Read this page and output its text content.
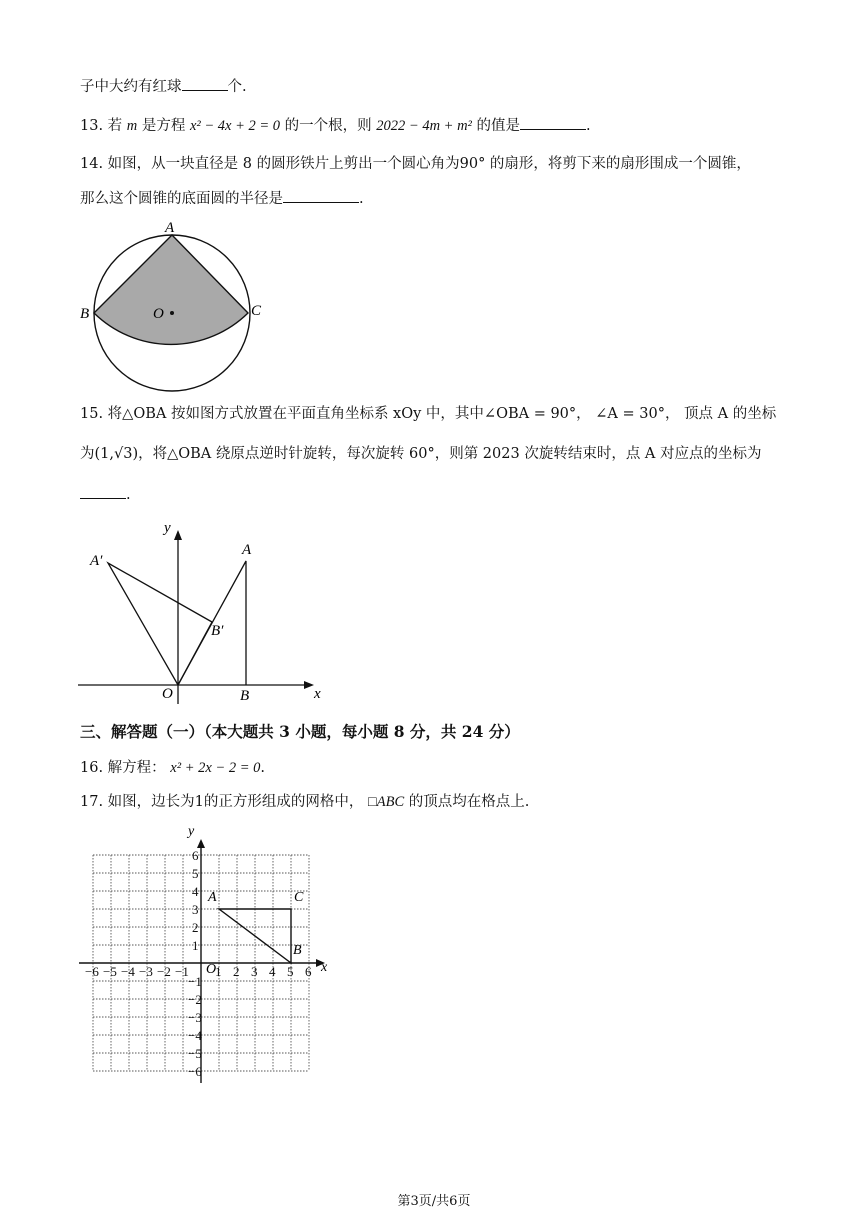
子中大约有红球	个.
13. 若 m 是方程 x² − 4x + 2 = 0 的一个根，则 2022 − 4m + m² 的值是	.
14. 如图，从一块直径是 8 的圆形铁片上剪出一个圆心角为90° 的扇形，将剪下来的扇形围成一个圆锥，
那么这个圆锥的底面圆的半径是	.
A
B	C
O
15. 将△OBA 按如图方式放置在平面直角坐标系 xOy 中，其中∠OBA = 90°， ∠A = 30°， 顶点 A 的坐标
为(1,√3)，将△OBA 绕原点逆时针旋转，每次旋转 60°，则第 2023 次旋转结束时，点 A 对应点的坐标为
.
y
x
A
A′
B
B′
O
三、解答题（一）（本大题共 3 小题，每小题 8 分，共 24 分）
16. 解方程： x² + 2x − 2 = 0.
17. 如图，边长为1的正方形组成的网格中， □ABC 的顶点均在格点上.
−6 −5 −4 −3 −2 −1 1 2 3 4 5 6
6
5
4
3
2
1
−1
−2
−3
−4
−5
−6
x
y
O
A
B
C
第3页/共6页
